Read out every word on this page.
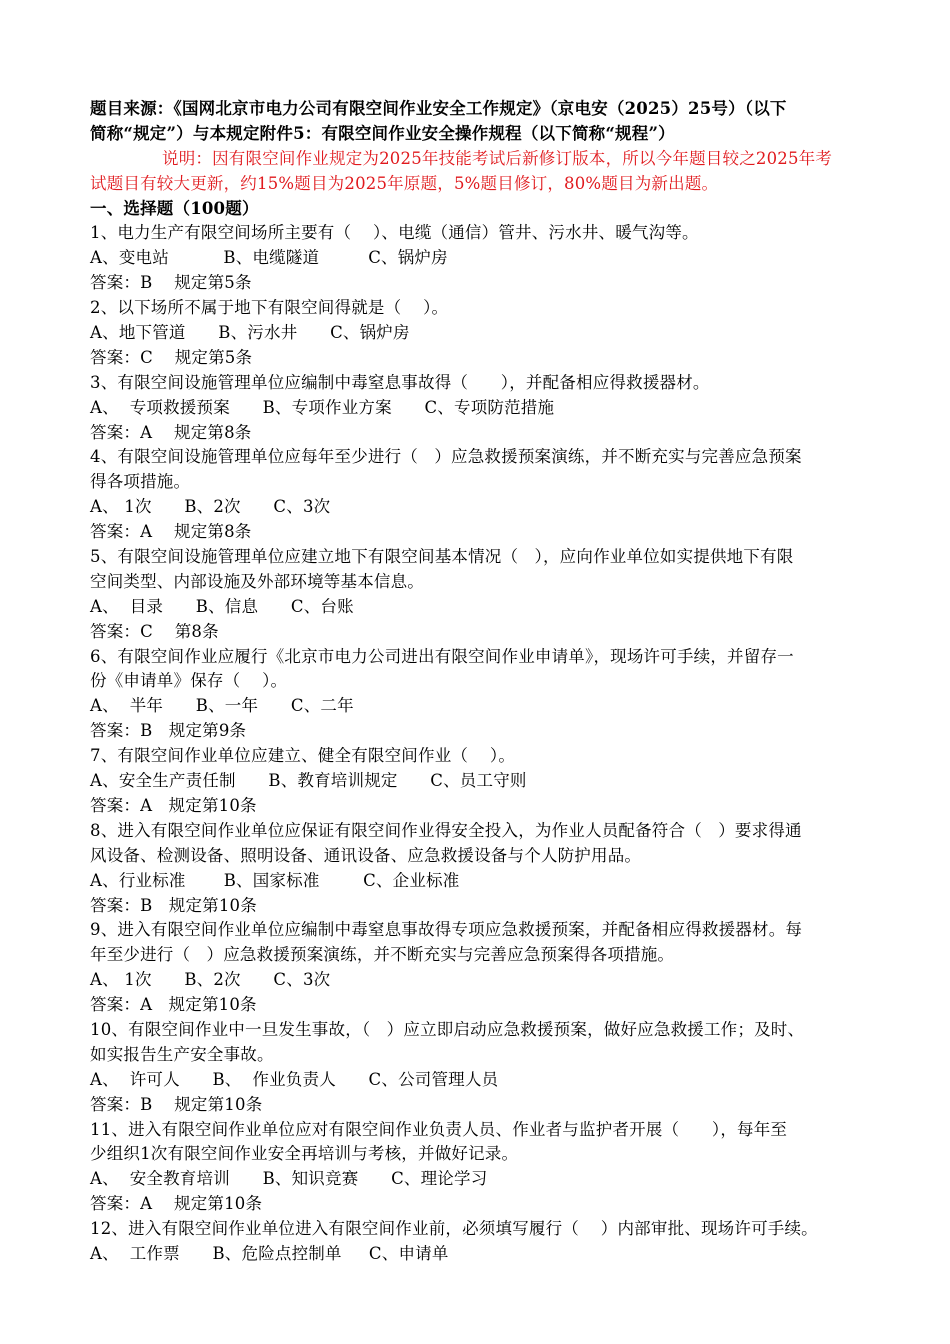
题目来源：《国网北京市电力公司有限空间作业安全工作规定》（京电安（2025）25号）（以下
简称“规定”）与本规定附件5：有限空间作业安全操作规程（以下简称“规程”）
说明：因有限空间作业规定为2025年技能考试后新修订版本，所以今年题目较之2025年考
试题目有较大更新，约15%题目为2025年原题，5%题目修订，80%题目为新出题。
一、选择题（100题）
1、电力生产有限空间场所主要有（    ）、电缆（通信）管井、污水井、暖气沟等。
A、变电站          B、电缆隧道         C、锅炉房
答案：B    规定第5条
2、以下场所不属于地下有限空间得就是（    ）。
A、地下管道      B、污水井      C、锅炉房
答案：C    规定第5条
3、有限空间设施管理单位应编制中毒窒息事故得（      ），并配备相应得救援器材。
A、  专项救援预案      B、专项作业方案      C、专项防范措施
答案：A    规定第8条
4、有限空间设施管理单位应每年至少进行（   ）应急救援预案演练，并不断充实与完善应急预案
得各项措施。
A、 1次      B、2次      C、3次
答案：A    规定第8条
5、有限空间设施管理单位应建立地下有限空间基本情况（   ），应向作业单位如实提供地下有限
空间类型、内部设施及外部环境等基本信息。
A、  目录      B、信息      C、台账
答案：C    第8条
6、有限空间作业应履行《北京市电力公司进出有限空间作业申请单》，现场许可手续，并留存一
份《申请单》保存（    ）。
A、  半年      B、一年      C、二年
答案：B   规定第9条
7、有限空间作业单位应建立、健全有限空间作业（    ）。
A、安全生产责任制      B、教育培训规定      C、员工守则
答案：A   规定第10条
8、进入有限空间作业单位应保证有限空间作业得安全投入，为作业人员配备符合（   ）要求得通
风设备、检测设备、照明设备、通讯设备、应急救援设备与个人防护用品。
A、行业标准       B、国家标准        C、企业标准
答案：B   规定第10条
9、进入有限空间作业单位应编制中毒窒息事故得专项应急救援预案，并配备相应得救援器材。每
年至少进行（   ）应急救援预案演练，并不断充实与完善应急预案得各项措施。
A、 1次      B、2次      C、3次
答案：A   规定第10条
10、有限空间作业中一旦发生事故，（   ）应立即启动应急救援预案，做好应急救援工作；及时、
如实报告生产安全事故。
A、  许可人      B、  作业负责人      C、公司管理人员
答案：B    规定第10条
11、进入有限空间作业单位应对有限空间作业负责人员、作业者与监护者开展（      ），每年至
少组织1次有限空间作业安全再培训与考核，并做好记录。
A、  安全教育培训      B、知识竞赛      C、理论学习
答案：A    规定第10条
12、进入有限空间作业单位进入有限空间作业前，必须填写履行（    ）内部审批、现场许可手续。
A、  工作票      B、危险点控制单     C、申请单
